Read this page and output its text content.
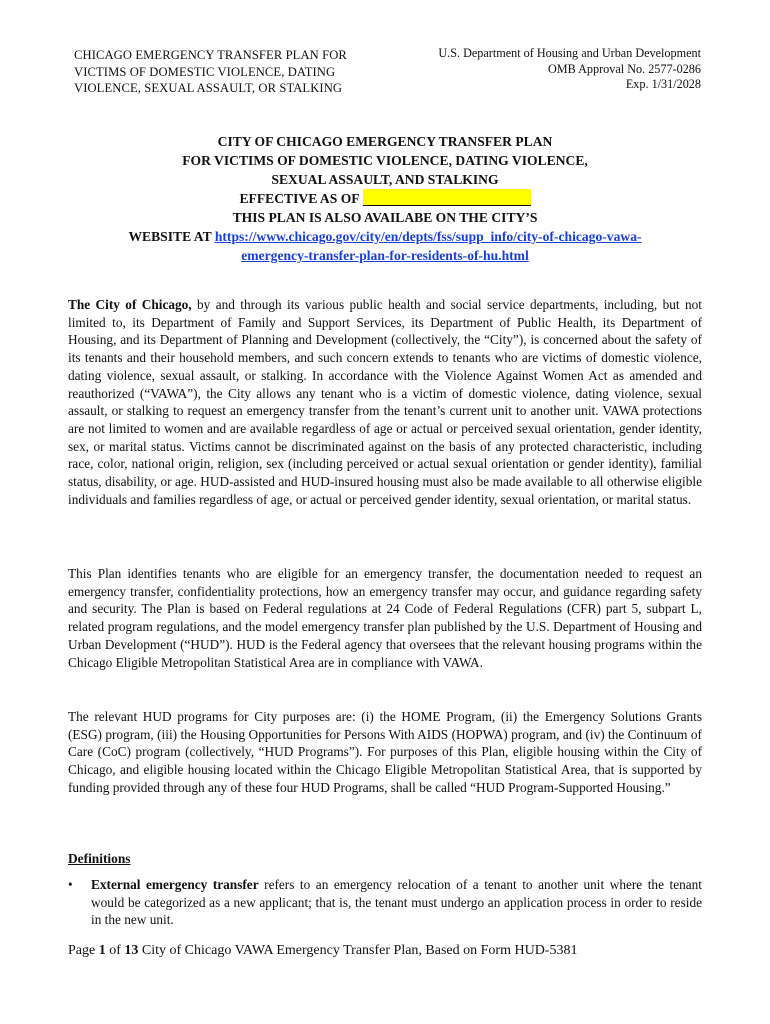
CHICAGO EMERGENCY TRANSFER PLAN FOR
VICTIMS OF DOMESTIC VIOLENCE, DATING
VIOLENCE, SEXUAL ASSAULT, OR STALKING
U.S. Department of Housing and Urban Development
OMB Approval No. 2577-0286
Exp. 1/31/2028
CITY OF CHICAGO EMERGENCY TRANSFER PLAN
FOR VICTIMS OF DOMESTIC VIOLENCE, DATING VIOLENCE,
SEXUAL ASSAULT, AND STALKING
EFFECTIVE AS OF
THIS PLAN IS ALSO AVAILABE ON THE CITY’S
WEBSITE AT https://www.chicago.gov/city/en/depts/fss/supp_info/city-of-chicago-vawa-
emergency-transfer-plan-for-residents-of-hu.html
The City of Chicago, by and through its various public health and social service departments, including, but not limited to, its Department of Family and Support Services, its Department of Public Health, its Department of Housing, and its Department of Planning and Development (collectively, the “City”), is concerned about the safety of its tenants and their household members, and such concern extends to tenants who are victims of domestic violence, dating violence, sexual assault, or stalking. In accordance with the Violence Against Women Act as amended and reauthorized (“VAWA”), the City allows any tenant who is a victim of domestic violence, dating violence, sexual assault, or stalking to request an emergency transfer from the tenant’s current unit to another unit. VAWA protections are not limited to women and are available regardless of age or actual or perceived sexual orientation, gender identity, sex, or marital status. Victims cannot be discriminated against on the basis of any protected characteristic, including race, color, national origin, religion, sex (including perceived or actual sexual orientation or gender identity), familial status, disability, or age. HUD-assisted and HUD-insured housing must also be made available to all otherwise eligible individuals and families regardless of age, or actual or perceived gender identity, sexual orientation, or marital status.
This Plan identifies tenants who are eligible for an emergency transfer, the documentation needed to request an emergency transfer, confidentiality protections, how an emergency transfer may occur, and guidance regarding safety and security. The Plan is based on Federal regulations at 24 Code of Federal Regulations (CFR) part 5, subpart L, related program regulations, and the model emergency transfer plan published by the U.S. Department of Housing and Urban Development (“HUD”). HUD is the Federal agency that oversees that the relevant housing programs within the Chicago Eligible Metropolitan Statistical Area are in compliance with VAWA.
The relevant HUD programs for City purposes are: (i) the HOME Program, (ii) the Emergency Solutions Grants (ESG) program, (iii) the Housing Opportunities for Persons With AIDS (HOPWA) program, and (iv) the Continuum of Care (CoC) program (collectively, “HUD Programs”). For purposes of this Plan, eligible housing within the City of Chicago, and eligible housing located within the Chicago Eligible Metropolitan Statistical Area, that is supported by funding provided through any of these four HUD Programs, shall be called “HUD Program-Supported Housing.”
Definitions
• External emergency transfer refers to an emergency relocation of a tenant to another unit where the tenant would be categorized as a new applicant; that is, the tenant must undergo an application process in order to reside in the new unit.
Page 1 of 13 City of Chicago VAWA Emergency Transfer Plan, Based on Form HUD-5381
